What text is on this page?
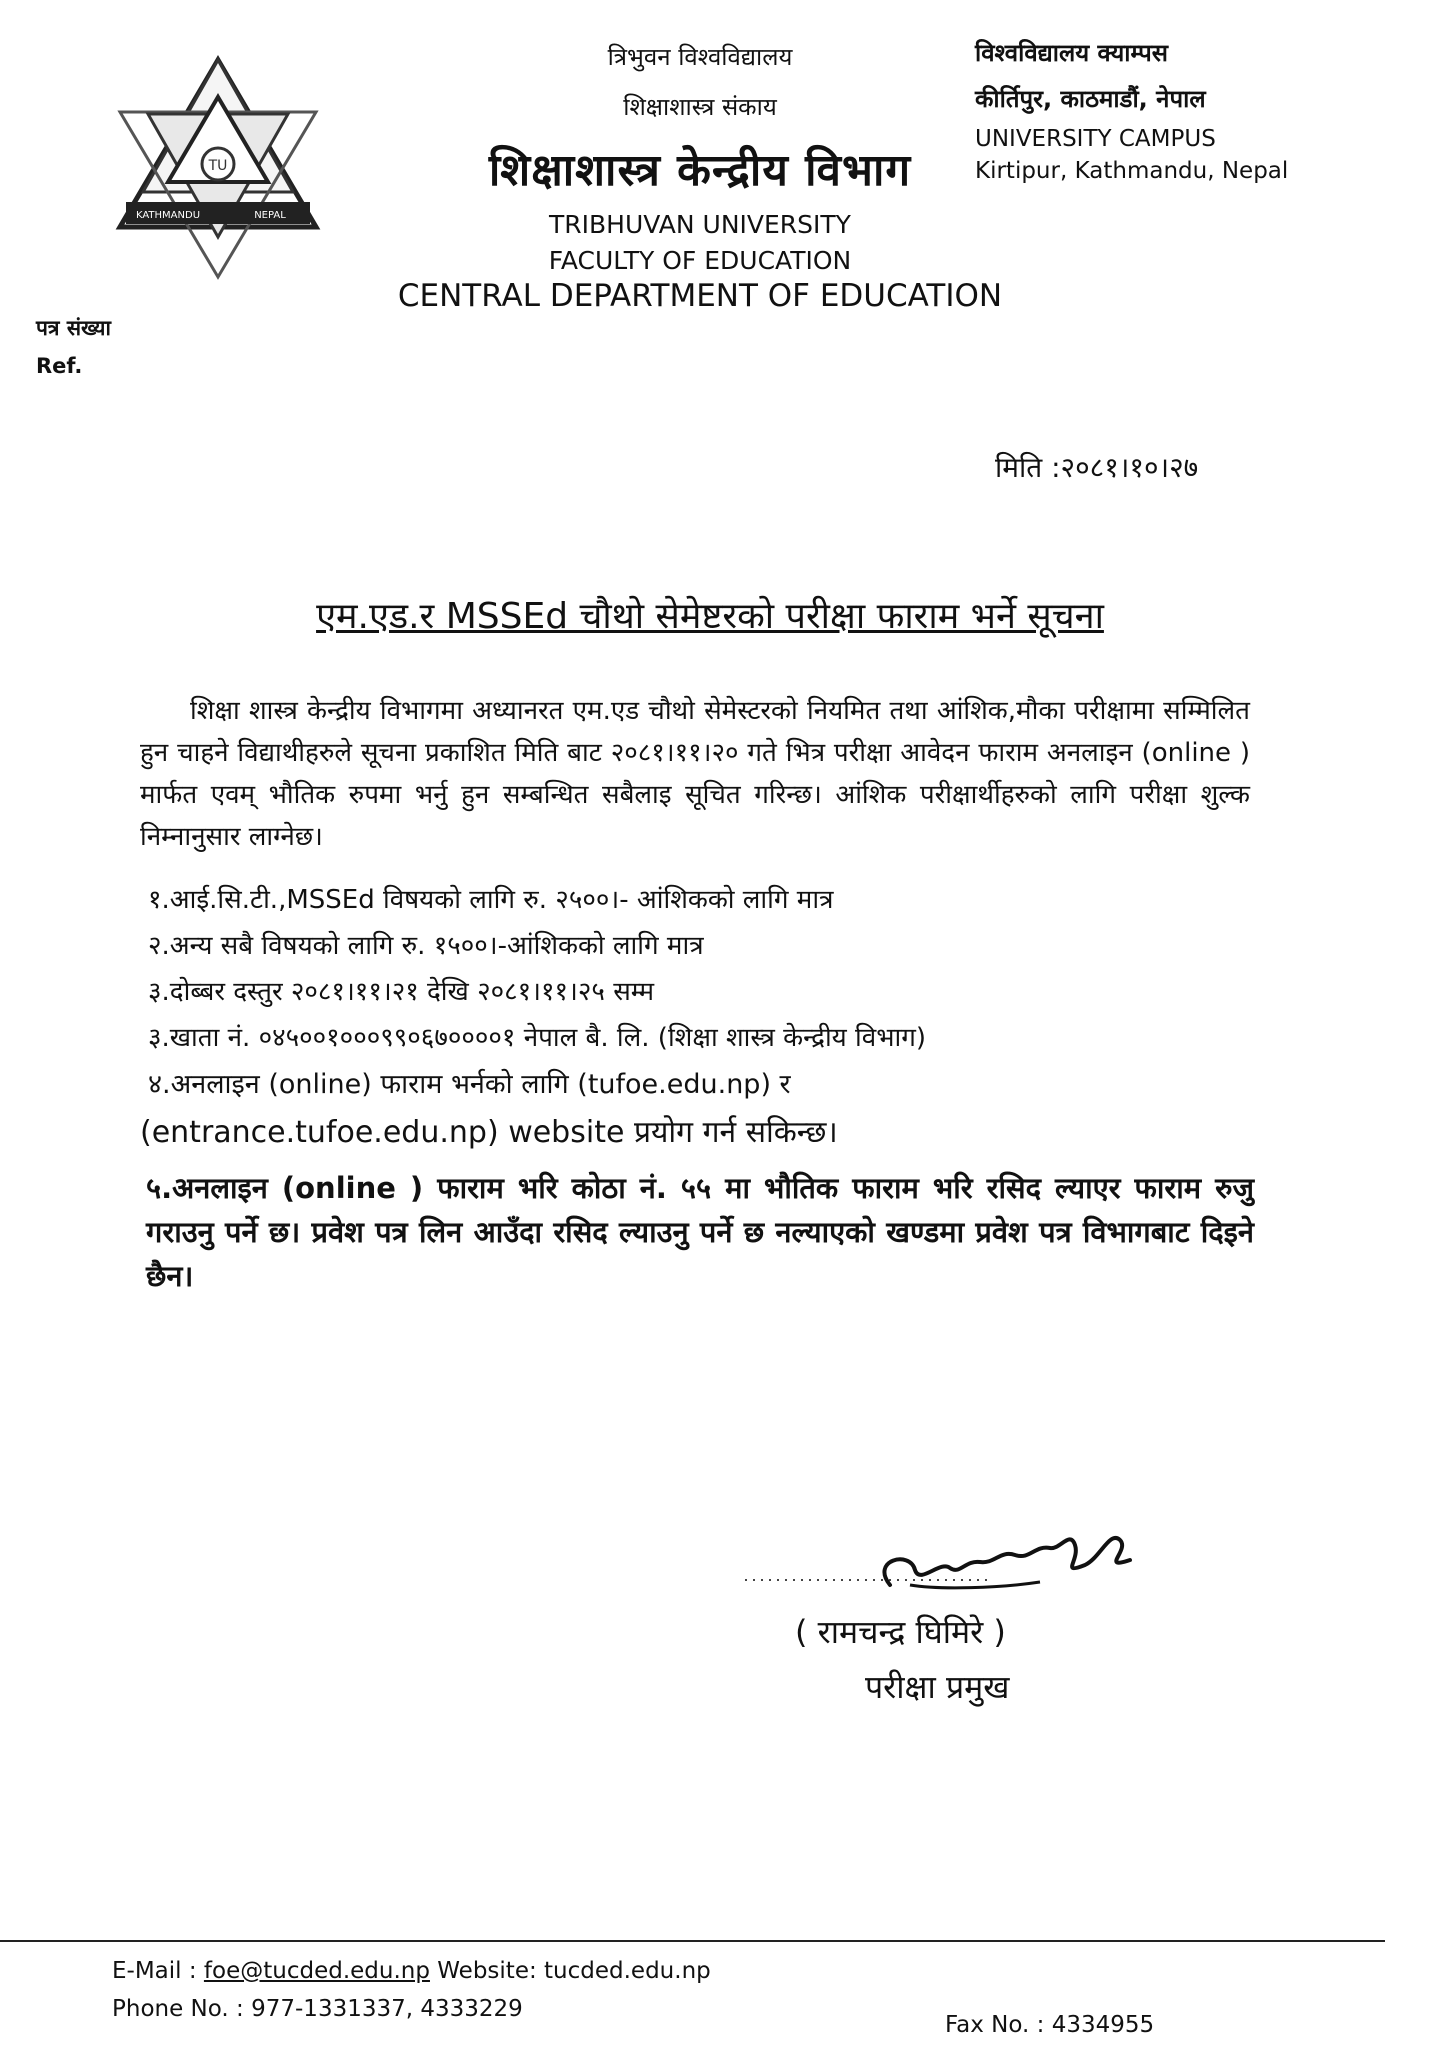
TU
KATHMANDU	NEPAL
त्रिभुवन विश्वविद्यालय
शिक्षाशास्त्र संकाय
शिक्षाशास्त्र केन्द्रीय विभाग
TRIBHUVAN UNIVERSITY
FACULTY OF EDUCATION
CENTRAL DEPARTMENT OF EDUCATION
विश्वविद्यालय क्याम्पस
कीर्तिपुर, काठमाडौं, नेपाल
UNIVERSITY CAMPUS
Kirtipur, Kathmandu, Nepal
पत्र संख्या
Ref.
मिति :२०८१।१०।२७
एम.एड.र MSSEd चौथो सेमेष्टरको परीक्षा फाराम भर्ने सूचना
शिक्षा शास्त्र केन्द्रीय विभागमा अध्यानरत एम.एड चौथो सेमेस्टरको नियमित तथा आंशिक,मौका परीक्षामा सम्मिलित हुन चाहने विद्याथीहरुले सूचना प्रकाशित मिति बाट २०८१।११।२० गते भित्र परीक्षा आवेदन फाराम अनलाइन (online ) मार्फत एवम् भौतिक रुपमा भर्नु हुन सम्बन्धित सबैलाइ सूचित गरिन्छ। आंशिक परीक्षार्थीहरुको लागि परीक्षा शुल्क निम्नानुसार लाग्नेछ।
१.आई.सि.टी.,MSSEd विषयको लागि रु. २५००।- आंशिकको लागि मात्र
२.अन्य सबै विषयको लागि रु. १५००।-आंशिकको लागि मात्र
३.दोब्बर दस्तुर २०८१।११।२१ देखि २०८१।११।२५ सम्म
३.खाता नं. ०४५००१०००९९०६७००००१ नेपाल बै. लि. (शिक्षा शास्त्र केन्द्रीय विभाग)
४.अनलाइन (online) फाराम भर्नको लागि (tufoe.edu.np) र
(entrance.tufoe.edu.np) website प्रयोग गर्न सकिन्छ।
५.अनलाइन (online ) फाराम भरि कोठा नं. ५५ मा भौतिक फाराम भरि रसिद ल्याएर फाराम रुजु गराउनु पर्ने छ। प्रवेश पत्र लिन आउँदा रसिद ल्याउनु पर्ने छ नल्याएको खण्डमा प्रवेश पत्र विभागबाट दिइने छैन।
( रामचन्द्र घिमिरे )
परीक्षा प्रमुख
E-Mail : foe@tucded.edu.np Website: tucded.edu.np
Phone No. : 977-1331337, 4333229
Fax No. : 4334955
